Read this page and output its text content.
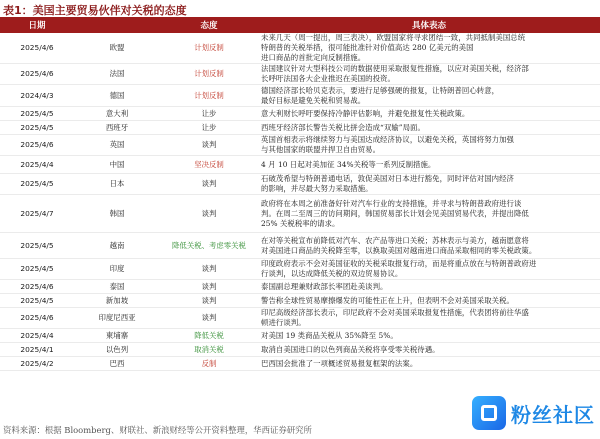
表1：美国主要贸易伙伴对关税的态度
日期		态度	具体表态
2025/4/6	欧盟	计划反制	未来几天（周一提出，周三表决），欧盟国家将寻求团结一致，共同抵制美国总统
特朗普的关税举措，很可能批准针对价值高达 280 亿美元的美国
进口商品的首批定向反制措施。

2025/4/6	法国	计划反制	法国建议针对大型科技公司的数据使用采取报复性措施，以应对美国关税，经济部
长呼吁法国各大企业推迟在美国的投资。

2024/4/3	德国	计划反制	德国经济部长哈贝克表示，要进行足够强硬的报复，让特朗普回心转意，
最好目标是避免关税和贸易战。

2025/4/5	意大利	让步	意大利财长呼吁要保持冷静评估影响，并避免报复性关税政策。

2025/4/5	西班牙	让步	西班牙经济部长警告关税比拼会造成“双输”局面。

2025/4/6	英国	谈判	英国首相表示将继续努力与美国达成经济协议，以避免关税，英国将努力加强
与其他国家的联盟并捍卫自由贸易。

2025/4/4	中国	坚决反制	4 月 10 日起对美加征 34%关税等一系列反制措施。

2025/4/5	日本	谈判	石破茂希望与特朗普通电话，敦促美国对日本进行豁免，同时评估对国内经济
的影响，并尽最大努力采取措施。

2025/4/7	韩国	谈判	政府将在本周之前准备好针对汽车行业的支持措施，并寻求与特朗普政府进行谈
判。在周二至周三的访问期间，韩国贸易部长计划会见美国贸易代表，并提出降低
25% 关税税率的请求。

2025/4/5	越南	降低关税、考虑零关税	在对等关税宣布前降低对汽车、农产品等进口关税；苏林表示与美方，越南愿意将
对美国进口商品的关税降至零，以换取美国对越南进口商品采取相同的零关税政策。

2025/4/5	印度	谈判	印度政府表示不会对美国征收的关税采取报复行动，而是将重点放在与特朗普政府进
行谈判，以达成降低关税的双边贸易协议。

2025/4/6	泰国	谈判	泰国副总理兼财政部长率团赴美谈判。

2025/4/5	新加坡	谈判	警告称全球性贸易摩擦爆发的可能性正在上升，但表明不会对美国采取关税。

2025/4/6	印度尼西亚	谈判	印尼高级经济部长表示，印尼政府不会对美国采取报复性措施，代表团将前往华盛
顿进行谈判。

2025/4/4	柬埔寨	降低关税	对美国 19 类商品关税从 35%降至 5%。

2025/4/1	以色列	取消关税	取消自美国进口的以色列商品关税将享受零关税待遇。

2025/4/2	巴西	反制	巴西国会批准了一项概述贸易报复框架的法案。
资料来源：根据 Bloomberg、财联社、新浪财经等公开资料整理，华西证券研究所
粉丝社区
